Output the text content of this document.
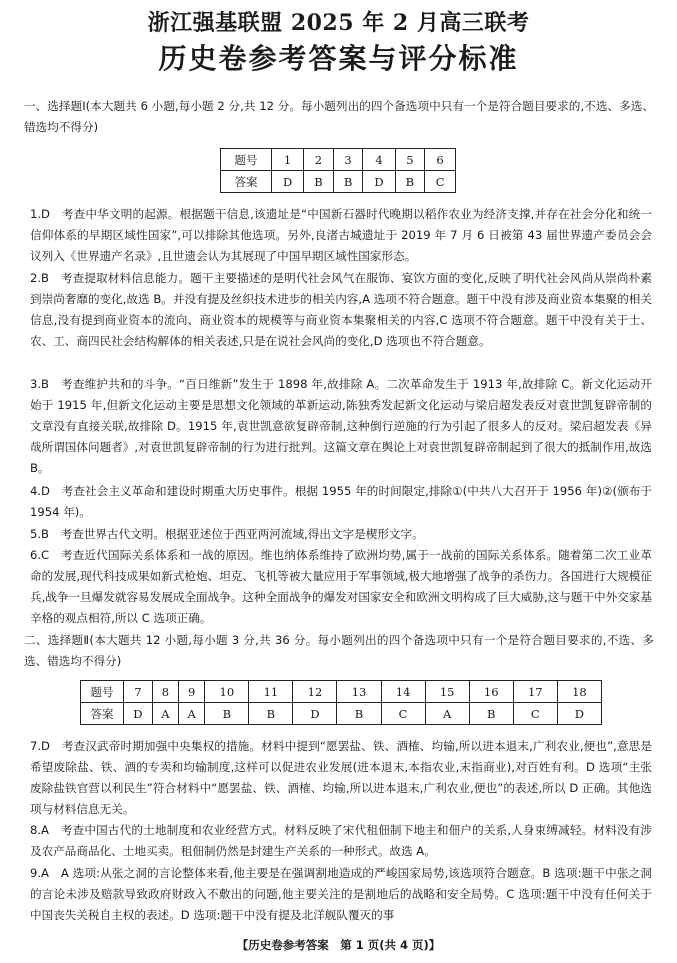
浙江强基联盟 2025 年 2 月高三联考
历史卷参考答案与评分标准
一、选择题Ⅰ(本大题共 6 小题,每小题 2 分,共 12 分。每小题列出的四个备选项中只有一个是符合题目要求的,不选、多选、错选均不得分)
题号	1	2	3	4	5	6
答案	D	B	B	D	B	C
1.D　考查中华文明的起源。根据题干信息,该遗址是“中国新石器时代晚期以稻作农业为经济支撑,并存在社会分化和统一信仰体系的早期区域性国家”,可以排除其他选项。另外,良渚古城遗址于 2019 年 7 月 6 日被第 43 届世界遗产委员会会议列入《世界遗产名录》,且世遗会认为其展现了中国早期区域性国家形态。
2.B　考查提取材料信息能力。题干主要描述的是明代社会风气在服饰、宴饮方面的变化,反映了明代社会风尚从崇尚朴素到崇尚奢靡的变化,故选 B。并没有提及丝织技术进步的相关内容,A 选项不符合题意。题干中没有涉及商业资本集聚的相关信息,没有提到商业资本的流向、商业资本的规模等与商业资本集聚相关的内容,C 选项不符合题意。题干中没有关于士、农、工、商四民社会结构解体的相关表述,只是在说社会风尚的变化,D 选项也不符合题意。
3.B　考查维护共和的斗争。“百日维新”发生于 1898 年,故排除 A。二次革命发生于 1913 年,故排除 C。新文化运动开始于 1915 年,但新文化运动主要是思想文化领域的革新运动,陈独秀发起新文化运动与梁启超发表反对袁世凯复辟帝制的文章没有直接关联,故排除 D。1915 年,袁世凯意欲复辟帝制,这种倒行逆施的行为引起了很多人的反对。梁启超发表《异哉所谓国体问题者》,对袁世凯复辟帝制的行为进行批判。这篇文章在舆论上对袁世凯复辟帝制起到了很大的抵制作用,故选 B。
4.D　考查社会主义革命和建设时期重大历史事件。根据 1955 年的时间限定,排除①(中共八大召开于 1956 年)②(颁布于 1954 年)。
5.B　考查世界古代文明。根据亚述位于西亚两河流域,得出文字是楔形文字。
6.C　考查近代国际关系体系和一战的原因。维也纳体系维持了欧洲均势,属于一战前的国际关系体系。随着第二次工业革命的发展,现代科技成果如新式枪炮、坦克、飞机等被大量应用于军事领域,极大地增强了战争的杀伤力。各国进行大规模征兵,战争一旦爆发就容易发展成全面战争。这种全面战争的爆发对国家安全和欧洲文明构成了巨大威胁,这与题干中外交家基辛格的观点相符,所以 C 选项正确。
二、选择题Ⅱ(本大题共 12 小题,每小题 3 分,共 36 分。每小题列出的四个备选项中只有一个是符合题目要求的,不选、多选、错选均不得分)
题号	7	8	9	10	11	12	13	14	15	16	17	18
答案	D	A	A	B	B	D	B	C	A	B	C	D
7.D　考查汉武帝时期加强中央集权的措施。材料中提到“愿罢盐、铁、酒榷、均输,所以进本退末,广利农业,便也”,意思是希望废除盐、铁、酒的专卖和均输制度,这样可以促进农业发展(进本退末,本指农业,末指商业),对百姓有利。D 选项“主张废除盐铁官营以利民生”符合材料中“愿罢盐、铁、酒榷、均输,所以进本退末,广利农业,便也”的表述,所以 D 正确。其他选项与材料信息无关。
8.A　考查中国古代的土地制度和农业经营方式。材料反映了宋代租佃制下地主和佃户的关系,人身束缚减轻。材料没有涉及农产品商品化、土地买卖。租佃制仍然是封建生产关系的一种形式。故选 A。
9.A　A 选项:从张之洞的言论整体来看,他主要是在强调割地造成的严峻国家局势,该选项符合题意。B 选项:题干中张之洞的言论未涉及赔款导致政府财政入不敷出的问题,他主要关注的是割地后的战略和安全局势。C 选项:题干中没有任何关于中国丧失关税自主权的表述。D 选项:题干中没有提及北洋舰队覆灭的事
【历史卷参考答案　第 1 页(共 4 页)】
